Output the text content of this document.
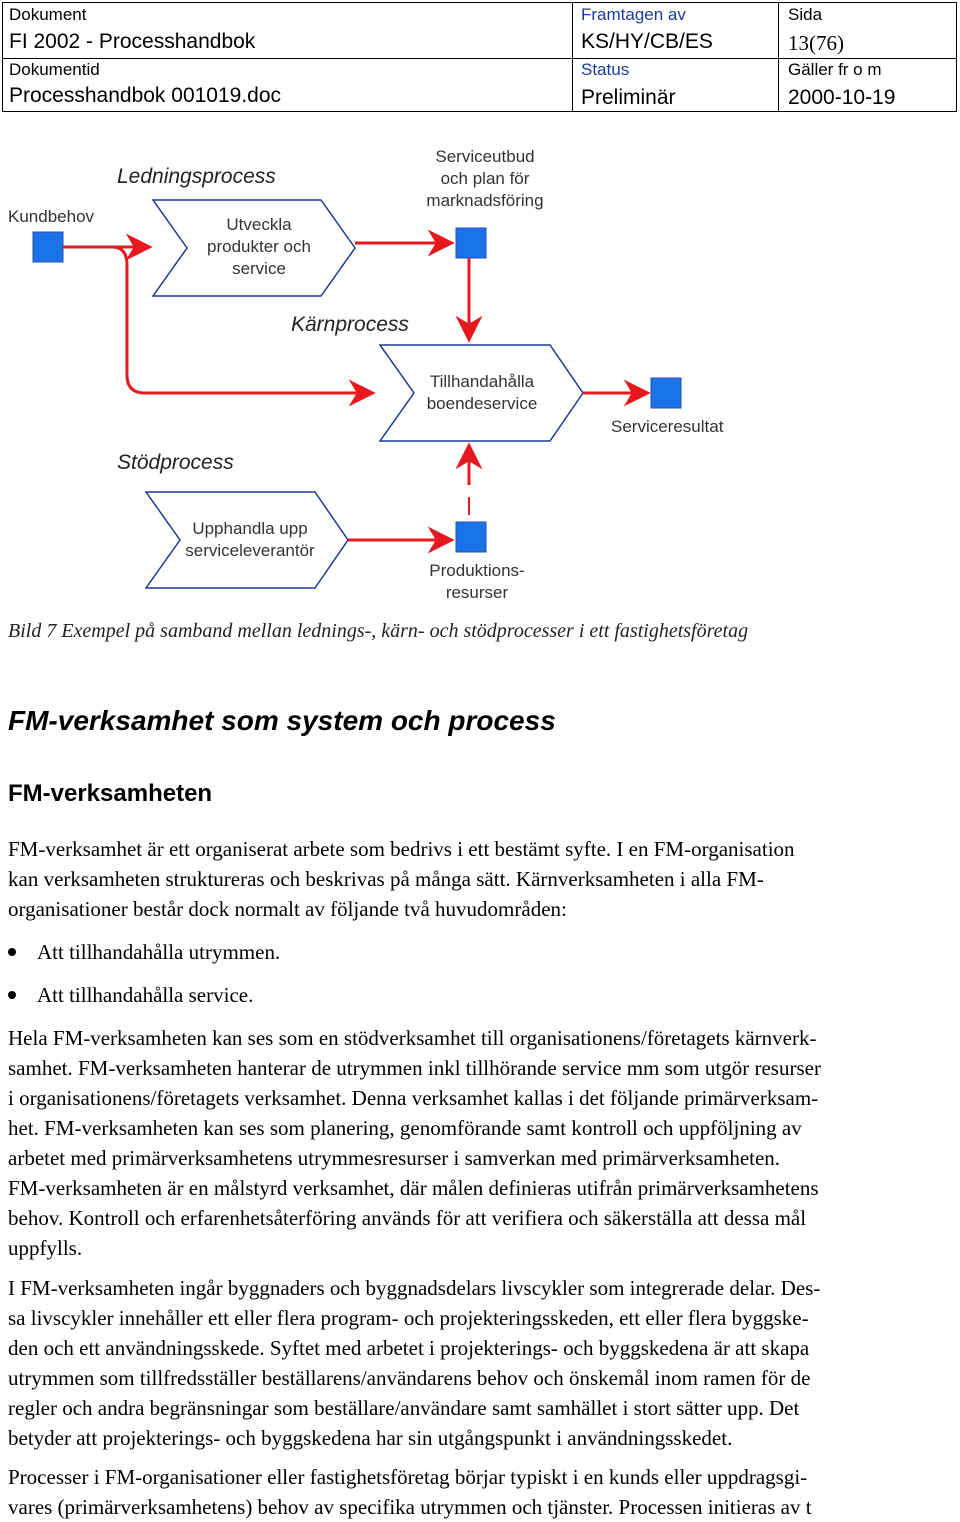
Dokument
FI 2002 - Processhandbok
Framtagen av
KS/HY/CB/ES
Sida
13(76)
Dokumentid
Processhandbok 001019.doc
Status
Preliminär
Gäller fr o m
2000-10-19
Kundbehov
Ledningsprocess
Utveckla
produkter och
service
Serviceutbud
och plan för
marknadsföring
Kärnprocess
Tillhandahålla
boendeservice
Serviceresultat
Stödprocess
Upphandla upp
serviceleverantör
Produktions-
resurser
Bild 7 Exempel på samband mellan lednings-, kärn- och stödprocesser i ett fastighetsföretag
FM-verksamhet som system och process
FM-verksamheten
FM-verksamhet är ett organiserat arbete som bedrivs i ett bestämt syfte. I en FM-organisation
kan verksamheten struktureras och beskrivas på många sätt. Kärnverksamheten i alla FM-
organisationer består dock normalt av följande två huvudområden:
Att tillhandahålla utrymmen.
Att tillhandahålla service.
Hela FM-verksamheten kan ses som en stödverksamhet till organisationens/företagets kärnverk-
samhet. FM-verksamheten hanterar de utrymmen inkl tillhörande service mm som utgör resurser
i organisationens/företagets verksamhet. Denna verksamhet kallas i det följande primärverksam-
het. FM-verksamheten kan ses som planering, genomförande samt kontroll och uppföljning av
arbetet med primärverksamhetens utrymmesresurser i samverkan med primärverksamheten.
FM-verksamheten är en målstyrd verksamhet, där målen definieras utifrån primärverksamhetens
behov. Kontroll och erfarenhetsåterföring används för att verifiera och säkerställa att dessa mål
uppfylls.
I FM-verksamheten ingår byggnaders och byggnadsdelars livscykler som integrerade delar. Des-
sa livscykler innehåller ett eller flera program- och projekteringsskeden, ett eller flera byggske-
den och ett användningsskede. Syftet med arbetet i projekterings- och byggskedena är att skapa
utrymmen som tillfredsställer beställarens/användarens behov och önskemål inom ramen för de
regler och andra begränsningar som beställare/användare samt samhället i stort sätter upp. Det
betyder att projekterings- och byggskedena har sin utgångspunkt i användningsskedet.
Processer i FM-organisationer eller fastighetsföretag börjar typiskt i en kunds eller uppdragsgi-
vares (primärverksamhetens) behov av specifika utrymmen och tjänster. Processen initieras av t
